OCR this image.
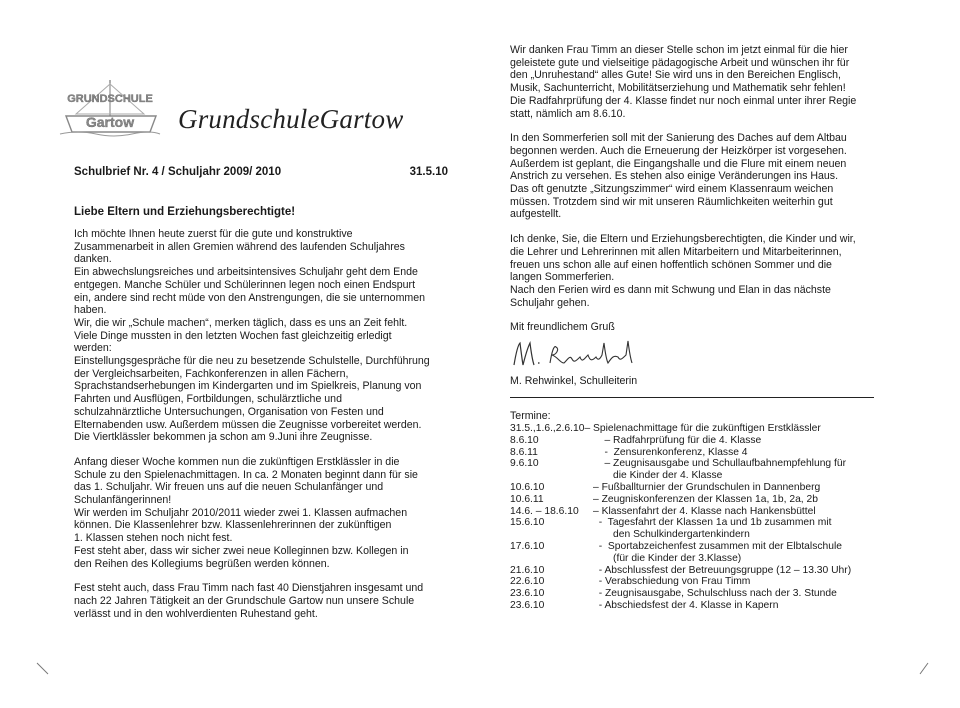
GRUNDSCHULE
Gartow GrundschuleGartow
Schulbrief Nr. 4 / Schuljahr 2009/ 2010	31.5.10
Liebe Eltern und Erziehungsberechtigte!

Ich möchte Ihnen heute zuerst für die gute und konstruktive
Zusammenarbeit in allen Gremien während des laufenden Schuljahres
danken.
Ein abwechslungsreiches und arbeitsintensives Schuljahr geht dem Ende
entgegen. Manche Schüler und Schülerinnen legen noch einen Endspurt
ein, andere sind recht müde von den Anstrengungen, die sie unternommen
haben.
Wir, die wir „Schule machen“, merken täglich, dass es uns an Zeit fehlt.
Viele Dinge mussten in den letzten Wochen fast gleichzeitig erledigt
werden:
Einstellungsgespräche für die neu zu besetzende Schulstelle, Durchführung
der Vergleichsarbeiten, Fachkonferenzen in allen Fächern,
Sprachstandserhebungen im Kindergarten und im Spielkreis, Planung von
Fahrten und Ausflügen, Fortbildungen, schulärztliche und
schulzahnärztliche Untersuchungen, Organisation von Festen und
Elternabenden usw. Außerdem müssen die Zeugnisse vorbereitet werden.
Die Viertklässler bekommen ja schon am 9.Juni ihre Zeugnisse.

Anfang dieser Woche kommen nun die zukünftigen Erstklässler in die
Schule zu den Spielenachmittagen. In ca. 2 Monaten beginnt dann für sie
das 1. Schuljahr. Wir freuen uns auf die neuen Schulanfänger und
Schulanfängerinnen!
Wir werden im Schuljahr 2010/2011 wieder zwei 1. Klassen aufmachen
können. Die Klassenlehrer bzw. Klassenlehrerinnen der zukünftigen
1. Klassen stehen noch nicht fest.
Fest steht aber, dass wir sicher zwei neue Kolleginnen bzw. Kollegen in
den Reihen des Kollegiums begrüßen werden können.

Fest steht auch, dass Frau Timm nach fast 40 Dienstjahren insgesamt und
nach 22 Jahren Tätigkeit an der Grundschule Gartow nun unsere Schule
verlässt und in den wohlverdienten Ruhestand geht.

Wir danken Frau Timm an dieser Stelle schon im jetzt einmal für die hier
geleistete gute und vielseitige pädagogische Arbeit und wünschen ihr für
den „Unruhestand“ alles Gute! Sie wird uns in den Bereichen Englisch,
Musik, Sachunterricht, Mobilitätserziehung und Mathematik sehr fehlen!
Die Radfahrprüfung der 4. Klasse findet nur noch einmal unter ihrer Regie
statt, nämlich am 8.6.10.

In den Sommerferien soll mit der Sanierung des Daches auf dem Altbau
begonnen werden. Auch die Erneuerung der Heizkörper ist vorgesehen.
Außerdem ist geplant, die Eingangshalle und die Flure mit einem neuen
Anstrich zu versehen. Es stehen also einige Veränderungen ins Haus.
Das oft genutzte „Sitzungszimmer“ wird einem Klassenraum weichen
müssen. Trotzdem sind wir mit unseren Räumlichkeiten weiterhin gut
aufgestellt.

Ich denke, Sie, die Eltern und Erziehungsberechtigten, die Kinder und wir,
die Lehrer und Lehrerinnen mit allen Mitarbeitern und Mitarbeiterinnen,
freuen uns schon alle auf einen hoffentlich schönen Sommer und die
langen Sommerferien.
Nach den Ferien wird es dann mit Schwung und Elan in das nächste
Schuljahr gehen.

Mit freundlichem Gruß
M. Rehwinkel, Schulleiterin
Termine:
31.5.,1.6.,2.6.10 – Spielenachmittage für die zukünftigen Erstklässler
8.6.10	– Radfahrprüfung für die 4. Klasse
8.6.11	-  Zensurenkonferenz, Klasse 4
9.6.10	– Zeugnisausgabe und Schullaufbahnempfehlung für
die Kinder der 4. Klasse
10.6.10	– Fußballturnier der Grundschulen in Dannenberg
10.6.11	– Zeugniskonferenzen der Klassen 1a, 1b, 2a, 2b
14.6. – 18.6.10	– Klassenfahrt der 4. Klasse nach Hankensbüttel
15.6.10	-  Tagesfahrt der Klassen 1a und 1b zusammen mit
den Schulkindergartenkindern
17.6.10	-  Sportabzeichenfest zusammen mit der Elbtalschule
(für die Kinder der 3.Klasse)
21.6.10	- Abschlussfest der Betreuungsgruppe (12 – 13.30 Uhr)
22.6.10	- Verabschiedung von Frau Timm
23.6.10	- Zeugnisausgabe, Schulschluss nach der 3. Stunde
23.6.10	- Abschiedsfest der 4. Klasse in Kapern
